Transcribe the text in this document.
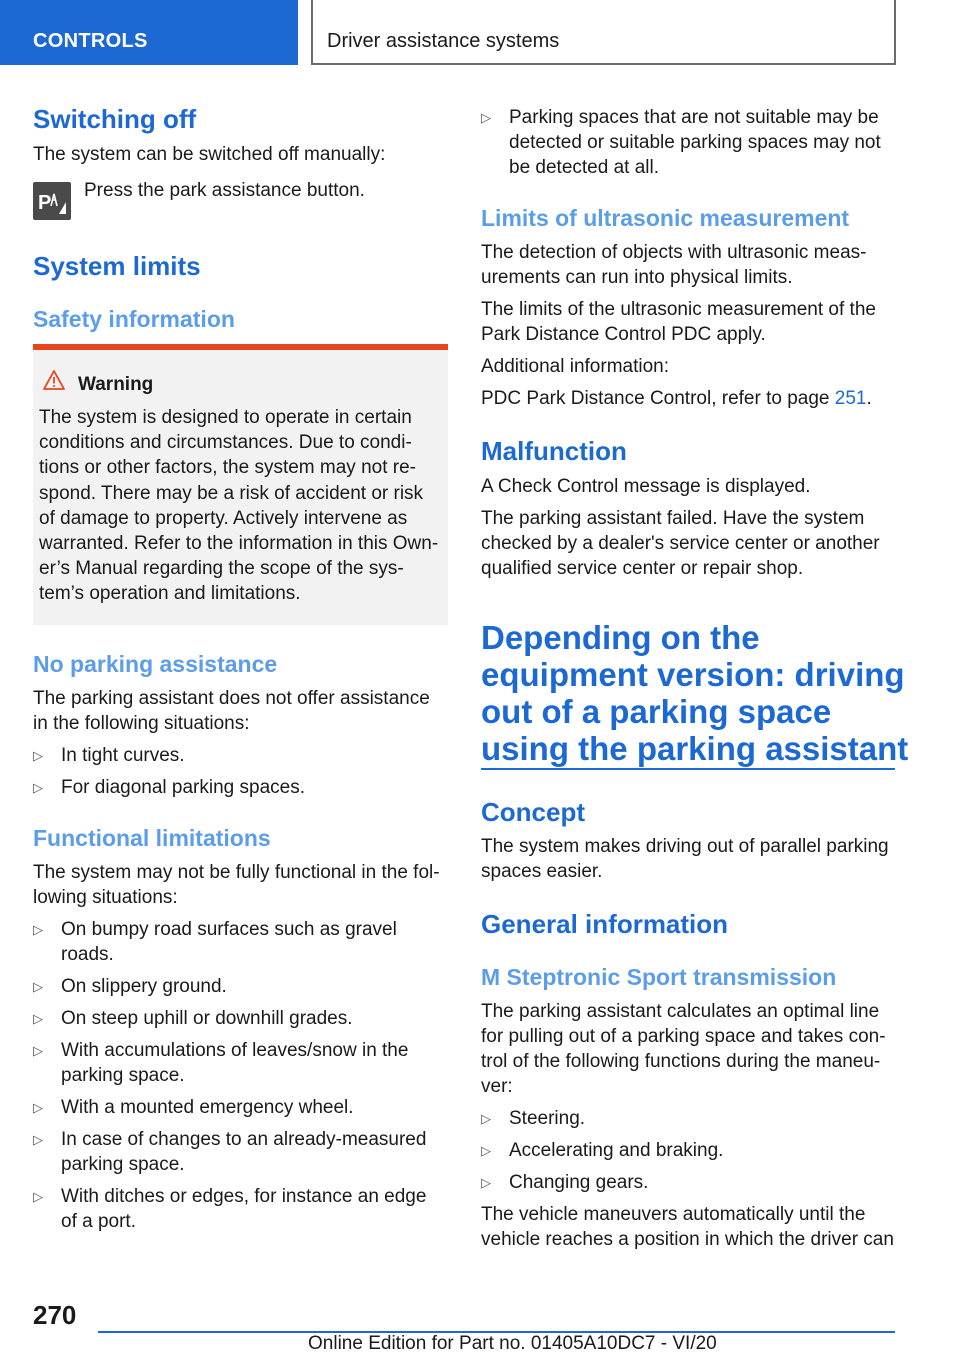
CONTROLS	Driver assistance systems
Switching off
The system can be switched off manually:
Press the park assistance button.
System limits
Safety information
P
Warning
The system is designed to operate in certain
conditions and circumstances. Due to condi-
tions or other factors, the system may not re-
spond. There may be a risk of accident or risk
of damage to property. Actively intervene as
warranted. Refer to the information in this Own-
er’s Manual regarding the scope of the sys-
tem’s operation and limitations.
No parking assistance
The parking assistant does not offer assistance
in the following situations:
▷ In tight curves.
▷ For diagonal parking spaces.
Functional limitations
The system may not be fully functional in the fol-
lowing situations:
▷ On bumpy road surfaces such as gravel
roads.
▷ On slippery ground.
▷ On steep uphill or downhill grades.
▷ With accumulations of leaves/snow in the
parking space.
▷ With a mounted emergency wheel.
▷ In case of changes to an already-measured
parking space.
▷ With ditches or edges, for instance an edge
of a port.
▷ Parking spaces that are not suitable may be
detected or suitable parking spaces may not
be detected at all.
Limits of ultrasonic measurement
The detection of objects with ultrasonic meas-
urements can run into physical limits.
The limits of the ultrasonic measurement of the
Park Distance Control PDC apply.
Additional information:
PDC Park Distance Control, refer to page 251.
Malfunction
A Check Control message is displayed.
The parking assistant failed. Have the system
checked by a dealer's service center or another
qualified service center or repair shop.
Depending on the
equipment version: driving
out of a parking space
using the parking assistant
Concept
The system makes driving out of parallel parking
spaces easier.
General information
M Steptronic Sport transmission
The parking assistant calculates an optimal line
for pulling out of a parking space and takes con-
trol of the following functions during the maneu-
ver:
▷ Steering.
▷ Accelerating and braking.
▷ Changing gears.
The vehicle maneuvers automatically until the
vehicle reaches a position in which the driver can
270
Online Edition for Part no. 01405A10DC7 - VI/20
